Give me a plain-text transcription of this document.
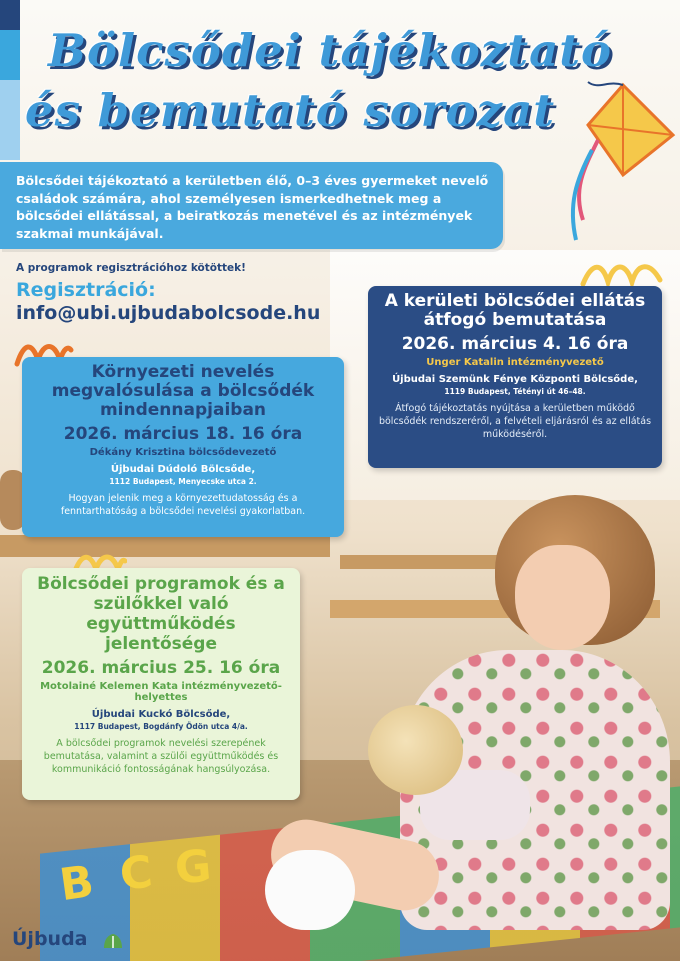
B C G
Bölcsődei tájékoztató
és bemutató sorozat
Bölcsődei tájékoztató a kerületben élő, 0–3 éves gyermeket nevelő családok számára, ahol személyesen ismerkedhetnek meg a bölcsődei ellátással, a beiratkozás menetével és az intézmények szakmai munkájával.
A programok regisztrációhoz kötöttek!
Regisztráció:
info@ubi.ujbudabolcsode.hu
A kerületi bölcsődei ellátás átfogó bemutatása
2026. március 4. 16 óra
Unger Katalin intézményvezető
Újbudai Szemünk Fénye Központi Bölcsőde,
1119 Budapest, Tétényi út 46–48.
Átfogó tájékoztatás nyújtása a kerületben működő bölcsődék rendszeréről, a felvételi eljárásról és az ellátás működéséről.
Környezeti nevelés megvalósulása a bölcsődék mindennapjaiban
2026. március 18. 16 óra
Dékány Krisztina bölcsődevezető
Újbudai Dúdoló Bölcsőde,
1112 Budapest, Menyecske utca 2.
Hogyan jelenik meg a környezettudatosság és a fenntarthatóság a bölcsődei nevelési gyakorlatban.
Bölcsődei programok és a szülőkkel való együttműködés jelentősége
2026. március 25. 16 óra
Motolainé Kelemen Kata intézményvezető-helyettes
Újbudai Kuckó Bölcsőde,
1117 Budapest, Bogdánfy Ödön utca 4/a.
A bölcsődei programok nevelési szerepének bemutatása, valamint a szülői együttműködés és kommunikáció fontosságának hangsúlyozása.
Újbuda
